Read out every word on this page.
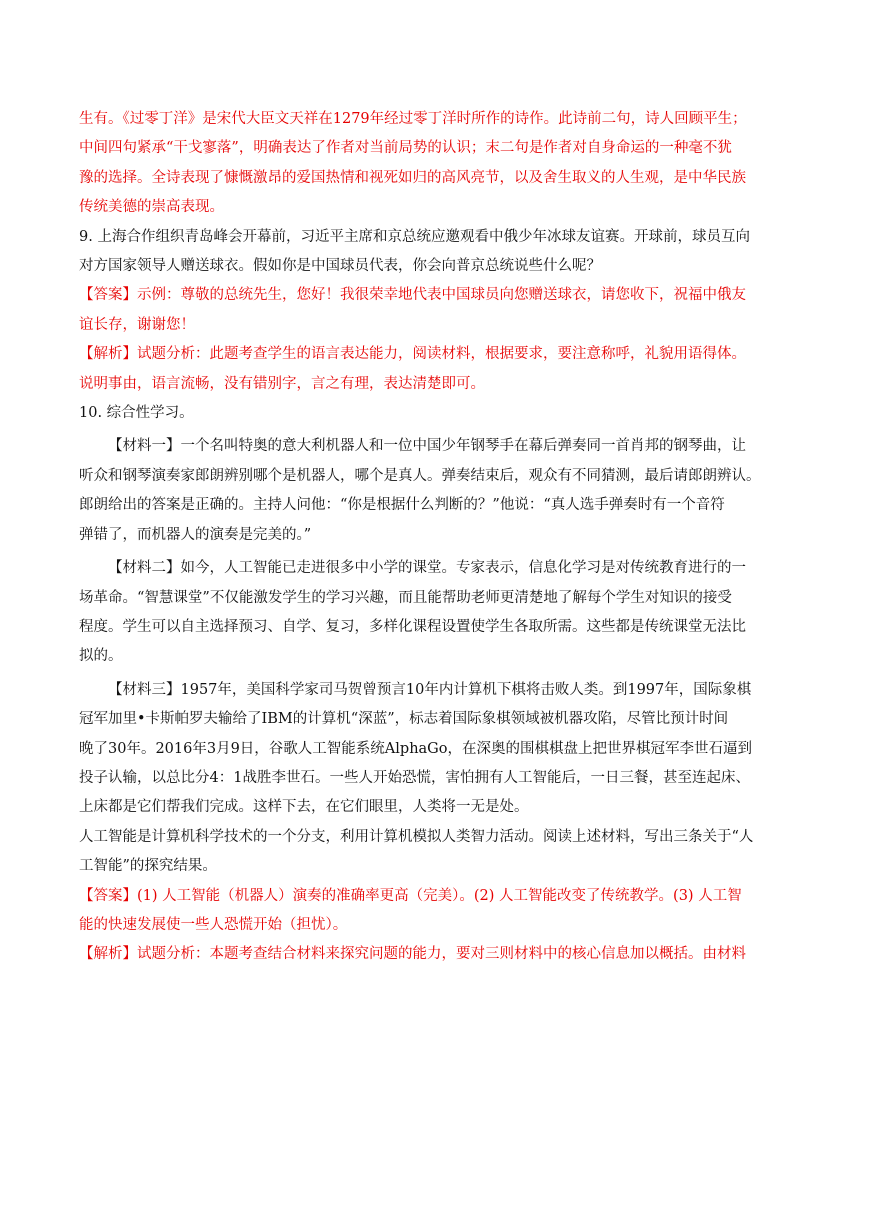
生有。《过零丁洋》是宋代大臣文天祥在1279年经过零丁洋时所作的诗作。此诗前二句，诗人回顾平生；

中间四句紧承“干戈寥落”，明确表达了作者对当前局势的认识；末二句是作者对自身命运的一种毫不犹

豫的选择。全诗表现了慷慨激昂的爱国热情和视死如归的高风亮节，以及舍生取义的人生观，是中华民族

传统美德的崇高表现。

9. 上海合作组织青岛峰会开幕前，习近平主席和京总统应邀观看中俄少年冰球友谊赛。开球前，球员互向

对方国家领导人赠送球衣。假如你是中国球员代表，你会向普京总统说些什么呢？

【答案】示例：尊敬的总统先生，您好！我很荣幸地代表中国球员向您赠送球衣，请您收下，祝福中俄友

谊长存，谢谢您！

【解析】试题分析：此题考查学生的语言表达能力，阅读材料，根据要求，要注意称呼，礼貌用语得体。

说明事由，语言流畅，没有错别字，言之有理，表达清楚即可。

10. 综合性学习。

【材料一】一个名叫特奥的意大利机器人和一位中国少年钢琴手在幕后弹奏同一首肖邦的钢琴曲，让

听众和钢琴演奏家郎朗辨别哪个是机器人，哪个是真人。弹奏结束后，观众有不同猜测，最后请郎朗辨认。

郎朗给出的答案是正确的。主持人问他：“你是根据什么判断的？”他说：“真人选手弹奏时有一个音符

弹错了，而机器人的演奏是完美的。”

【材料二】如今，人工智能已走进很多中小学的课堂。专家表示，信息化学习是对传统教育进行的一

场革命。“智慧课堂”不仅能激发学生的学习兴趣，而且能帮助老师更清楚地了解每个学生对知识的接受

程度。学生可以自主选择预习、自学、复习，多样化课程设置使学生各取所需。这些都是传统课堂无法比

拟的。

【材料三】1957年，美国科学家司马贺曾预言10年内计算机下棋将击败人类。到1997年，国际象棋

冠军加里•卡斯帕罗夫输给了IBM的计算机“深蓝”，标志着国际象棋领域被机器攻陷，尽管比预计时间

晚了30年。2016年3月9日，谷歌人工智能系统AlphaGo，在深奥的围棋棋盘上把世界棋冠军李世石逼到

投子认输，以总比分4：1战胜李世石。一些人开始恐慌，害怕拥有人工智能后，一日三餐，甚至连起床、

上床都是它们帮我们完成。这样下去，在它们眼里，人类将一无是处。

人工智能是计算机科学技术的一个分支，利用计算机模拟人类智力活动。阅读上述材料，写出三条关于“人

工智能”的探究结果。

【答案】(1) 人工智能（机器人）演奏的准确率更高（完美）。(2) 人工智能改变了传统教学。(3) 人工智

能的快速发展使一些人恐慌开始（担忧）。

【解析】试题分析：本题考查结合材料来探究问题的能力，要对三则材料中的核心信息加以概括。由材料
